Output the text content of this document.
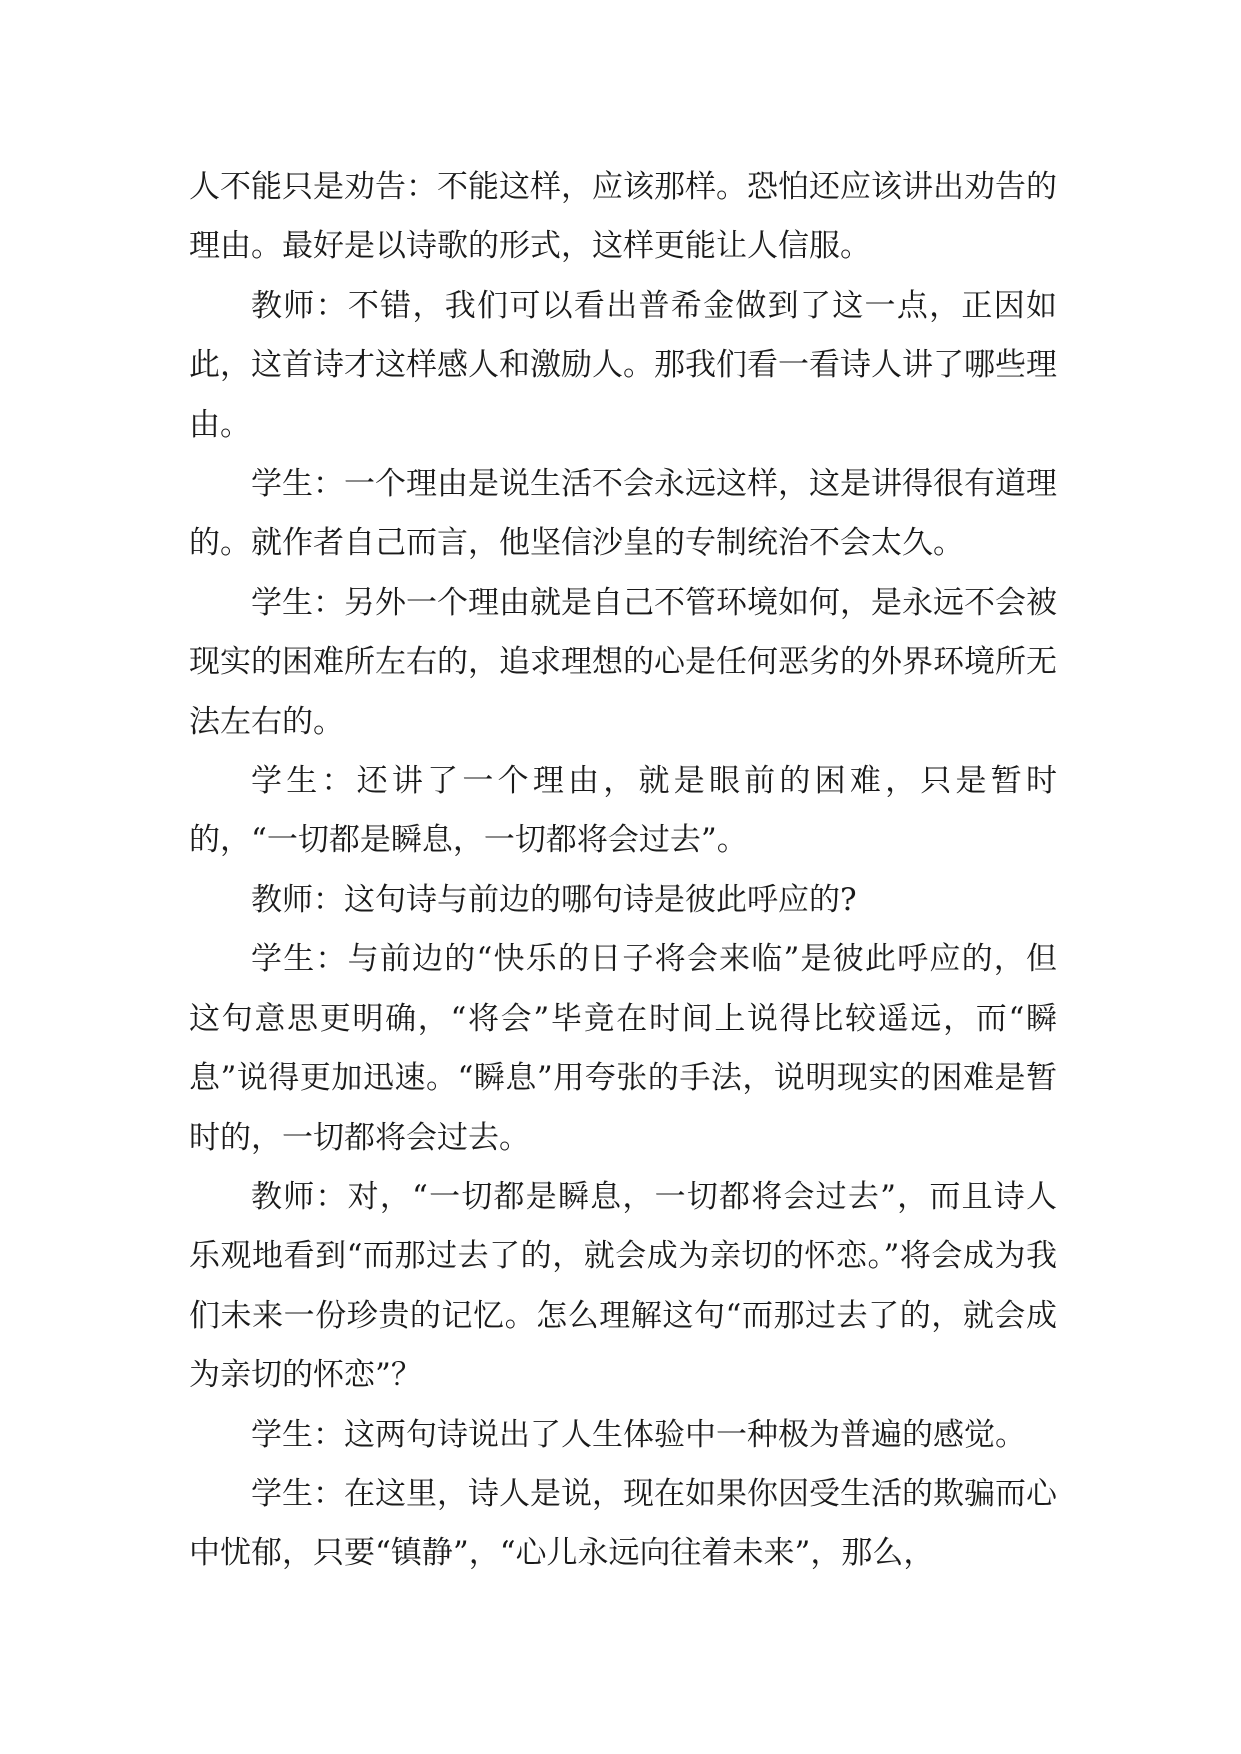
人不能只是劝告：不能这样，应该那样。恐怕还应该讲出劝告的理由。最好是以诗歌的形式，这样更能让人信服。

教师：不错，我们可以看出普希金做到了这一点，正因如此，这首诗才这样感人和激励人。那我们看一看诗人讲了哪些理由。

学生：一个理由是说生活不会永远这样，这是讲得很有道理的。就作者自己而言，他坚信沙皇的专制统治不会太久。

学生：另外一个理由就是自己不管环境如何，是永远不会被现实的困难所左右的，追求理想的心是任何恶劣的外界环境所无法左右的。

学生：还讲了一个理由，就是眼前的困难，只是暂时的，“一切都是瞬息，一切都将会过去”。

教师：这句诗与前边的哪句诗是彼此呼应的?

学生：与前边的“快乐的日子将会来临”是彼此呼应的，但这句意思更明确，“将会”毕竟在时间上说得比较遥远，而“瞬息”说得更加迅速。“瞬息”用夸张的手法，说明现实的困难是暂时的，一切都将会过去。

教师：对，“一切都是瞬息，一切都将会过去”，而且诗人乐观地看到“而那过去了的，就会成为亲切的怀恋。”将会成为我们未来一份珍贵的记忆。怎么理解这句“而那过去了的，就会成为亲切的怀恋”？

学生：这两句诗说出了人生体验中一种极为普遍的感觉。

学生：在这里，诗人是说，现在如果你因受生活的欺骗而心中忧郁，只要“镇静”，“心儿永远向往着未来”，那么，
